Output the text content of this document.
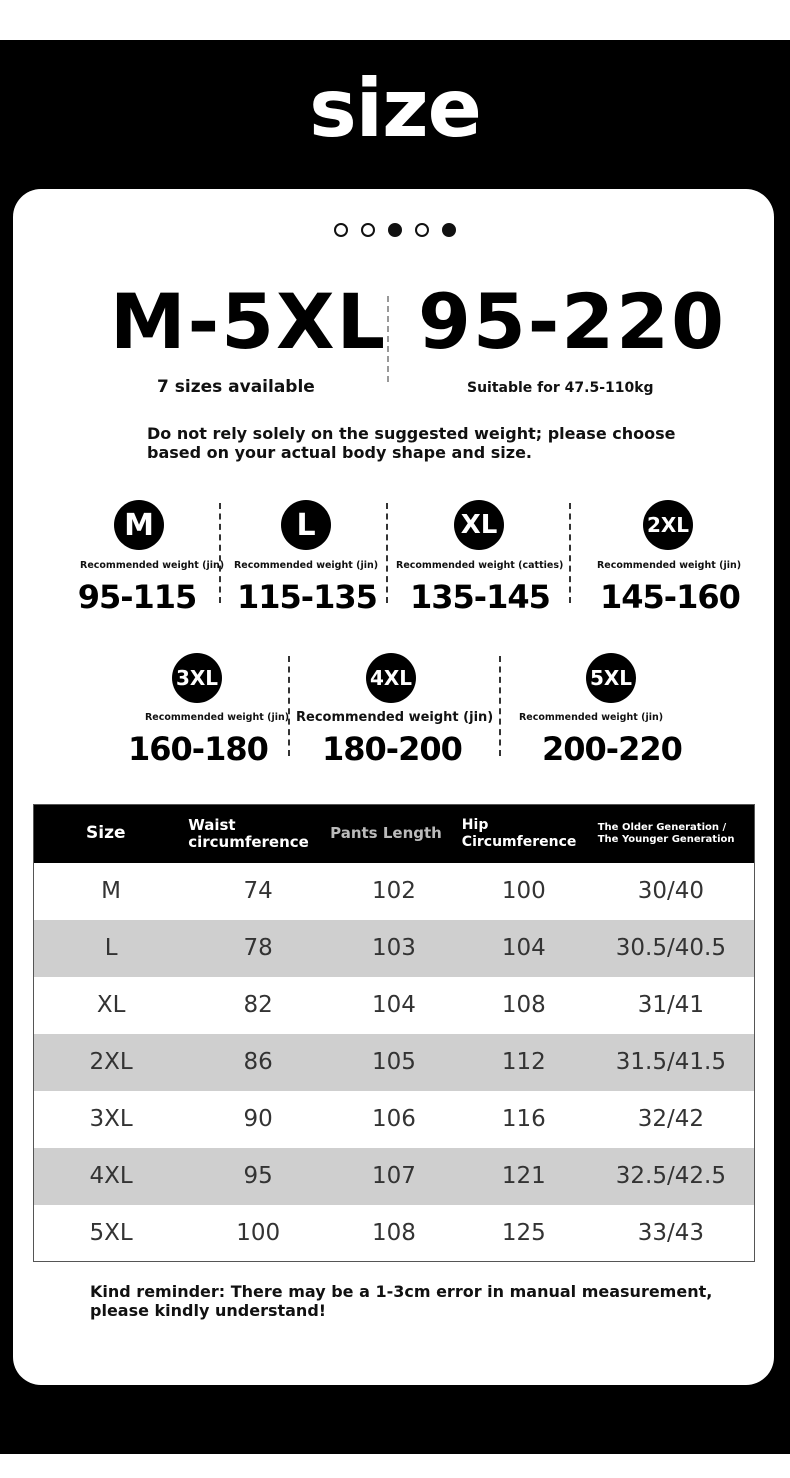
size
M-5XL 95-220
7 sizes available	Suitable for 47.5-110kg
Do not rely solely on the suggested weight; please choose based on your actual body shape and size.
M
Recommended weight (jin)
95-115
L
Recommended weight (jin)
115-135
XL
Recommended weight (catties)
135-145
2XL
Recommended weight (jin)
145-160
3XL
Recommended weight (jin)
160-180
4XL
Recommended weight (jin)
180-200
5XL
Recommended weight (jin)
200-220
Size	Waist circumference	Pants Length	Hip Circumference	The Older Generation / The Younger Generation
M	74	102	100	30/40
L	78	103	104	30.5/40.5
XL	82	104	108	31/41
2XL	86	105	112	31.5/41.5
3XL	90	106	116	32/42
4XL	95	107	121	32.5/42.5
5XL	100	108	125	33/43
Kind reminder: There may be a 1-3cm error in manual measurement, please kindly understand!
